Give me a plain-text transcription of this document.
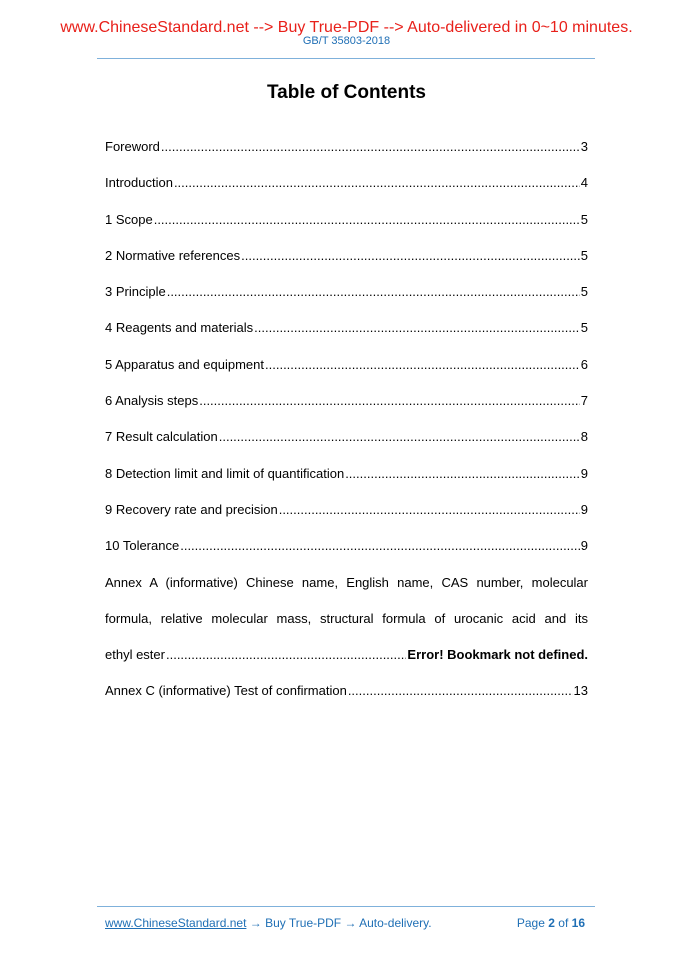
www.ChineseStandard.net --> Buy True-PDF --> Auto-delivered in 0~10 minutes.
GB/T 35803-2018
Table of Contents
Foreword .....	3
Introduction .....	4
1 Scope .....	5
2 Normative references .....	5
3 Principle .....	5
4 Reagents and materials .....	5
5 Apparatus and equipment .....	6
6 Analysis steps .....	7
7 Result calculation .....	8
8 Detection limit and limit of quantification .....	9
9 Recovery rate and precision .....	9
10 Tolerance .....	9
Annex A (informative) Chinese name, English name, CAS number, molecular
formula, relative molecular mass, structural formula of urocanic acid and its
ethyl ester .....	Error! Bookmark not defined.
Annex C (informative) Test of confirmation .....	13
www.ChineseStandard.net → Buy True-PDF → Auto-delivery.	Page 2 of 16
